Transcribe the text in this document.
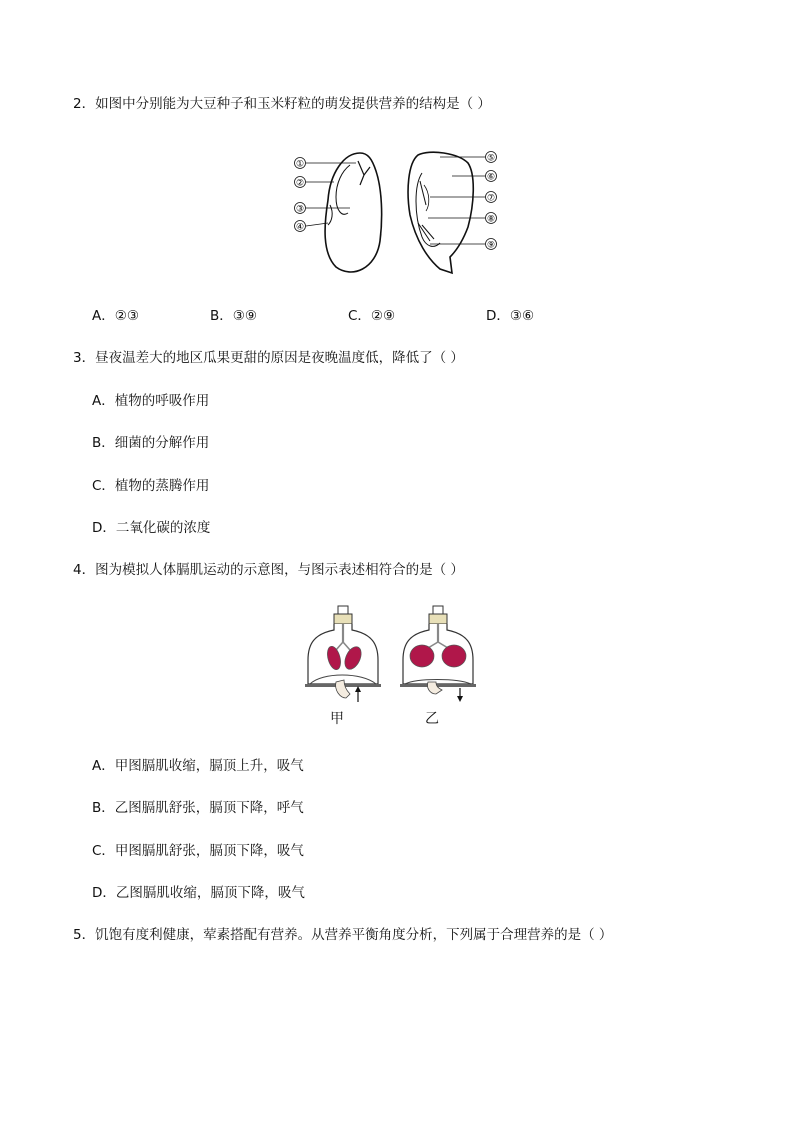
2．如图中分别能为大豆种子和玉米籽粒的萌发提供营养的结构是（ ）
①
②
③
④
⑤
⑥
⑦
⑧
⑨
A．②③	B．③⑨	C．②⑨	D．③⑥
3．昼夜温差大的地区瓜果更甜的原因是夜晚温度低，降低了（ ）
A．植物的呼吸作用
B．细菌的分解作用
C．植物的蒸腾作用
D．二氧化碳的浓度
4．图为模拟人体膈肌运动的示意图，与图示表述相符合的是（ ）
甲	乙
A．甲图膈肌收缩，膈顶上升，吸气
B．乙图膈肌舒张，膈顶下降，呼气
C．甲图膈肌舒张，膈顶下降，吸气
D．乙图膈肌收缩，膈顶下降，吸气
5．饥饱有度利健康，荤素搭配有营养。从营养平衡角度分析，下列属于合理营养的是（ ）
